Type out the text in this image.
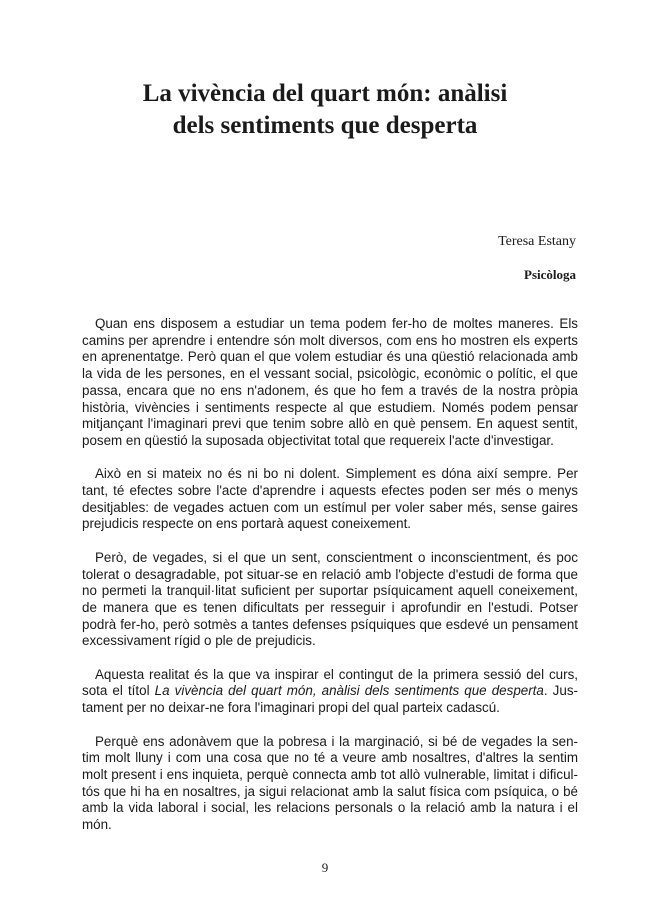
La vivència del quart món: anàlisi
dels sentiments que desperta
Teresa Estany
Psicòloga
Quan ens disposem a estudiar un tema podem fer-ho de moltes maneres. Els
camins per aprendre i entendre són molt diversos, com ens ho mostren els experts
en aprenentatge. Però quan el que volem estudiar és una qüestió relacionada amb
la vida de les persones, en el vessant social, psicològic, econòmic o polític, el que
passa, encara que no ens n'adonem, és que ho fem a través de la nostra pròpia
història, vivències i sentiments respecte al que estudiem. Només podem pensar
mitjançant l'imaginari previ que tenim sobre allò en què pensem. En aquest sentit,
posem en qüestió la suposada objectivitat total que requereix l'acte d'investigar.
Això en si mateix no és ni bo ni dolent. Simplement es dóna així sempre. Per
tant, té efectes sobre l'acte d'aprendre i aquests efectes poden ser més o menys
desitjables: de vegades actuen com un estímul per voler saber més, sense gaires
prejudicis respecte on ens portarà aquest coneixement.
Però, de vegades, si el que un sent, conscientment o inconscientment, és poc
tolerat o desagradable, pot situar-se en relació amb l'objecte d'estudi de forma que
no permeti la tranquil·litat suficient per suportar psíquicament aquell coneixement,
de manera que es tenen dificultats per resseguir i aprofundir en l'estudi. Potser
podrà fer-ho, però sotmès a tantes defenses psíquiques que esdevé un pensament
excessivament rígid o ple de prejudicis.
Aquesta realitat és la que va inspirar el contingut de la primera sessió del curs,
sota el títol La vivència del quart món, anàlisi dels sentiments que desperta. Jus-
tament per no deixar-ne fora l'imaginari propi del qual parteix cadascú.
Perquè ens adonàvem que la pobresa i la marginació, si bé de vegades la sen-
tim molt lluny i com una cosa que no té a veure amb nosaltres, d'altres la sentim
molt present i ens inquieta, perquè connecta amb tot allò vulnerable, limitat i dificul-
tós que hi ha en nosaltres, ja sigui relacionat amb la salut física com psíquica, o bé
amb la vida laboral i social, les relacions personals o la relació amb la natura i el
món.
9
